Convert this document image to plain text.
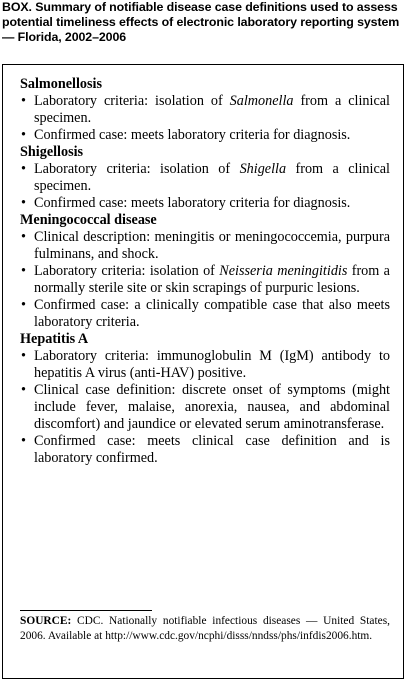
BOX. Summary of notifiable disease case definitions used to assess potential timeliness effects of electronic laboratory reporting system — Florida, 2002–2006
Salmonellosis
• Laboratory criteria: isolation of Salmonella from a clinical specimen.
• Confirmed case: meets laboratory criteria for diagnosis.
Shigellosis
• Laboratory criteria: isolation of Shigella from a clinical specimen.
• Confirmed case: meets laboratory criteria for diagnosis.
Meningococcal disease
• Clinical description: meningitis or meningococcemia, purpura fulminans, and shock.
• Laboratory criteria: isolation of Neisseria meningitidis from a normally sterile site or skin scrapings of purpuric lesions.
• Confirmed case: a clinically compatible case that also meets laboratory criteria.
Hepatitis A
• Laboratory criteria: immunoglobulin M (IgM) antibody to hepatitis A virus (anti-HAV) positive.
• Clinical case definition: discrete onset of symptoms (might include fever, malaise, anorexia, nausea, and abdominal discomfort) and jaundice or elevated serum aminotransferase.
• Confirmed case: meets clinical case definition and is laboratory confirmed.
SOURCE: CDC. Nationally notifiable infectious diseases — United States, 2006. Available at http://www.cdc.gov/ncphi/disss/nndss/phs/infdis2006.htm.
